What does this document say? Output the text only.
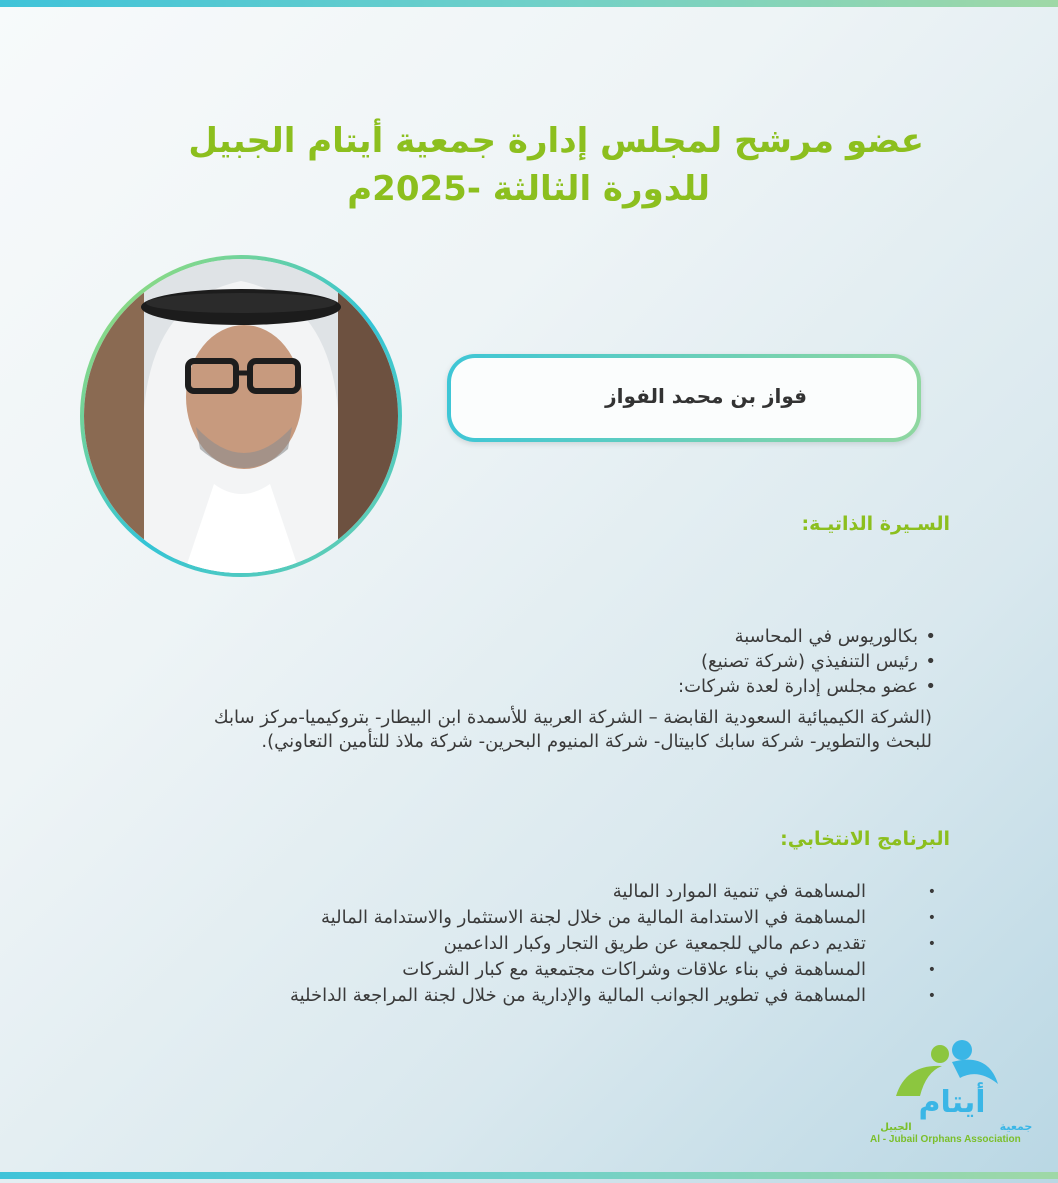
عضو مرشح لمجلس إدارة جمعية أيتام الجبيل
للدورة الثالثة -2025م
فواز بن محمد الفواز
السـيرة الذاتيـة:
• بكالوريوس في المحاسبة
• رئيس التنفيذي (شركة تصنيع)
• عضو مجلس إدارة لعدة شركات:

(الشركة الكيميائية السعودية القابضة – الشركة العربية للأسمدة ابن البيطار- بتروكيميا-مركز سابك للبحث والتطوير- شركة سابك كابيتال- شركة المنيوم البحرين- شركة ملاذ للتأمين التعاوني).

البرنامج الانتخابي:
• المساهمة في تنمية الموارد المالية
• المساهمة في الاستدامة المالية من خلال لجنة الاستثمار والاستدامة المالية
• تقديم دعم مالي للجمعية عن طريق التجار وكبار الداعمين
• المساهمة في بناء علاقات وشراكات مجتمعية مع كبار الشركات
• المساهمة في تطوير الجوانب المالية والإدارية من خلال لجنة المراجعة الداخلية
أيتام
جمعية
الجبيل
Al - Jubail Orphans Association
